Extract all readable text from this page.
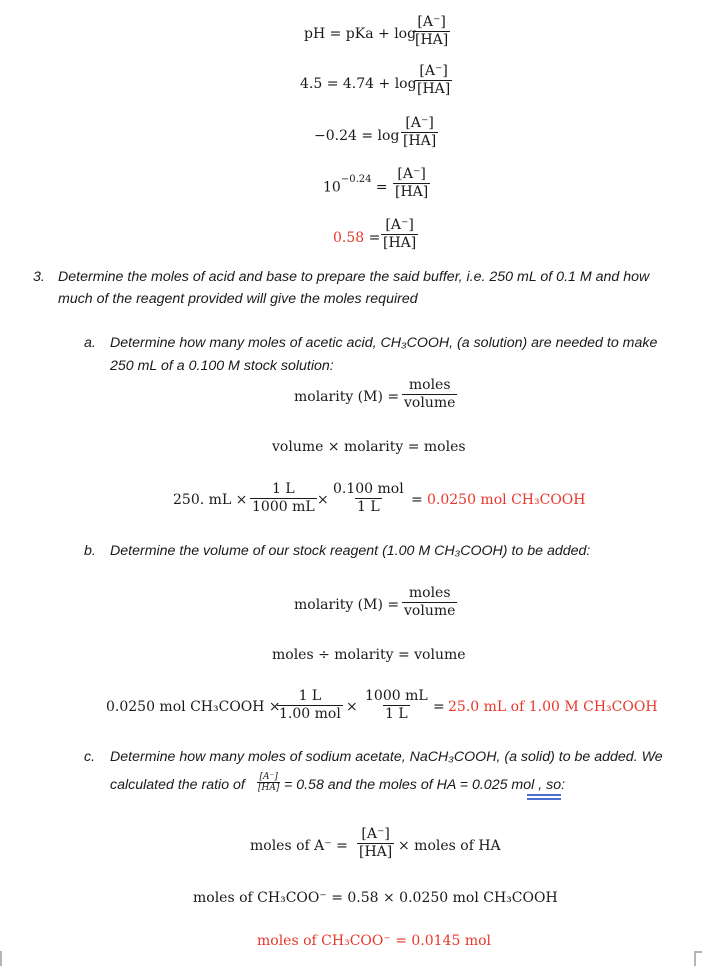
pH = pKa + log
$\frac{[A^-]}{[HA]}$
4.5 = 4.74 + log
$\frac{[A^-]}{[HA]}$
$-0.24 = \log \frac{[A^-]}{[HA]}$
$10^{-0.24} = \frac{[A^-]}{[HA]}$
$0.58 = \frac{[A^-]}{[HA]}$
3. Determine the moles of acid and base to prepare the said buffer, i.e. 250 mL of 0.1 M and how
much of the reagent provided will give the moles required
a. Determine how many moles of acetic acid, CH₃COOH, (a solution) are needed to make
250 mL of a 0.100 M stock solution:
molarity (M) =
moles
volume
volume × molarity = moles
250. mL × $\frac{1 L}{1000 mL}$ ×
0.100 mol
1 L = 0.0250 mol CH₃COOH
b. Determine the volume of our stock reagent (1.00 M CH₃COOH) to be added:
molarity (M) =
moles
volume
moles ÷ molarity = volume
0.0250 mol CH₃COOH ×
1 L
1.00 mol × $\frac{1000 mL}{1 L} = 25.0$ mL of 1.00 M CH₃COOH
c. Determine how many moles of sodium acetate, NaCH₃COOH, (a solid) to be added. We
calculated the ratio of $\frac{[A^-]}{[HA]} = 0.58$ and the moles of HA = 0.025 mol , so:
moles of $A^- = \frac{[A^-]}{[HA]}$ × moles of HA
moles of CH₃COO⁻ = 0.58 × 0.0250 mol CH₃COOH
moles of CH₃COO⁻ = 0.0145 mol
